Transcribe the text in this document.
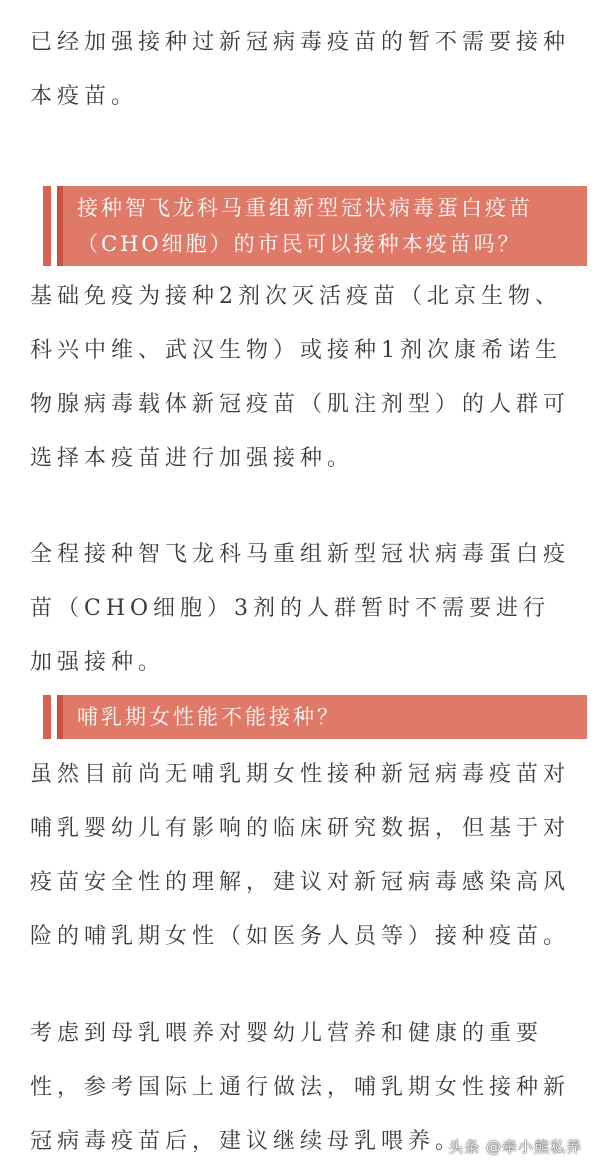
已经加强接种过新冠病毒疫苗的暂不需要接种本疫苗。

接种智飞龙科马重组新型冠状病毒蛋白疫苗（CHO细胞）的市民可以接种本疫苗吗？

基础免疫为接种2剂次灭活疫苗（北京生物、科兴中维、武汉生物）或接种1剂次康希诺生物腺病毒载体新冠疫苗（肌注剂型）的人群可选择本疫苗进行加强接种。

全程接种智飞龙科马重组新型冠状病毒蛋白疫苗（CHO细胞）3剂的人群暂时不需要进行加强接种。

哺乳期女性能不能接种？

虽然目前尚无哺乳期女性接种新冠病毒疫苗对哺乳婴幼儿有影响的临床研究数据，但基于对疫苗安全性的理解，建议对新冠病毒感染高风险的哺乳期女性（如医务人员等）接种疫苗。

考虑到母乳喂养对婴幼儿营养和健康的重要性，参考国际上通行做法，哺乳期女性接种新冠病毒疫苗后，建议继续母乳喂养。

头条 @牵小熊私养
